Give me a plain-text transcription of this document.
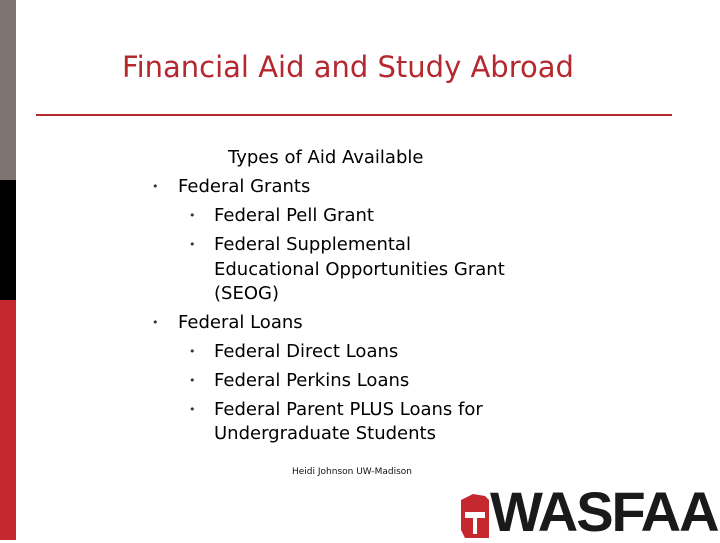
Financial Aid and Study Abroad
Types of Aid Available
• Federal Grants
• Federal Pell Grant
• Federal Supplemental
Educational Opportunities Grant
(SEOG)
• Federal Loans
• Federal Direct Loans
• Federal Perkins Loans
• Federal Parent PLUS Loans for
Undergraduate Students
Heidi Johnson UW-Madison
WASFAA
